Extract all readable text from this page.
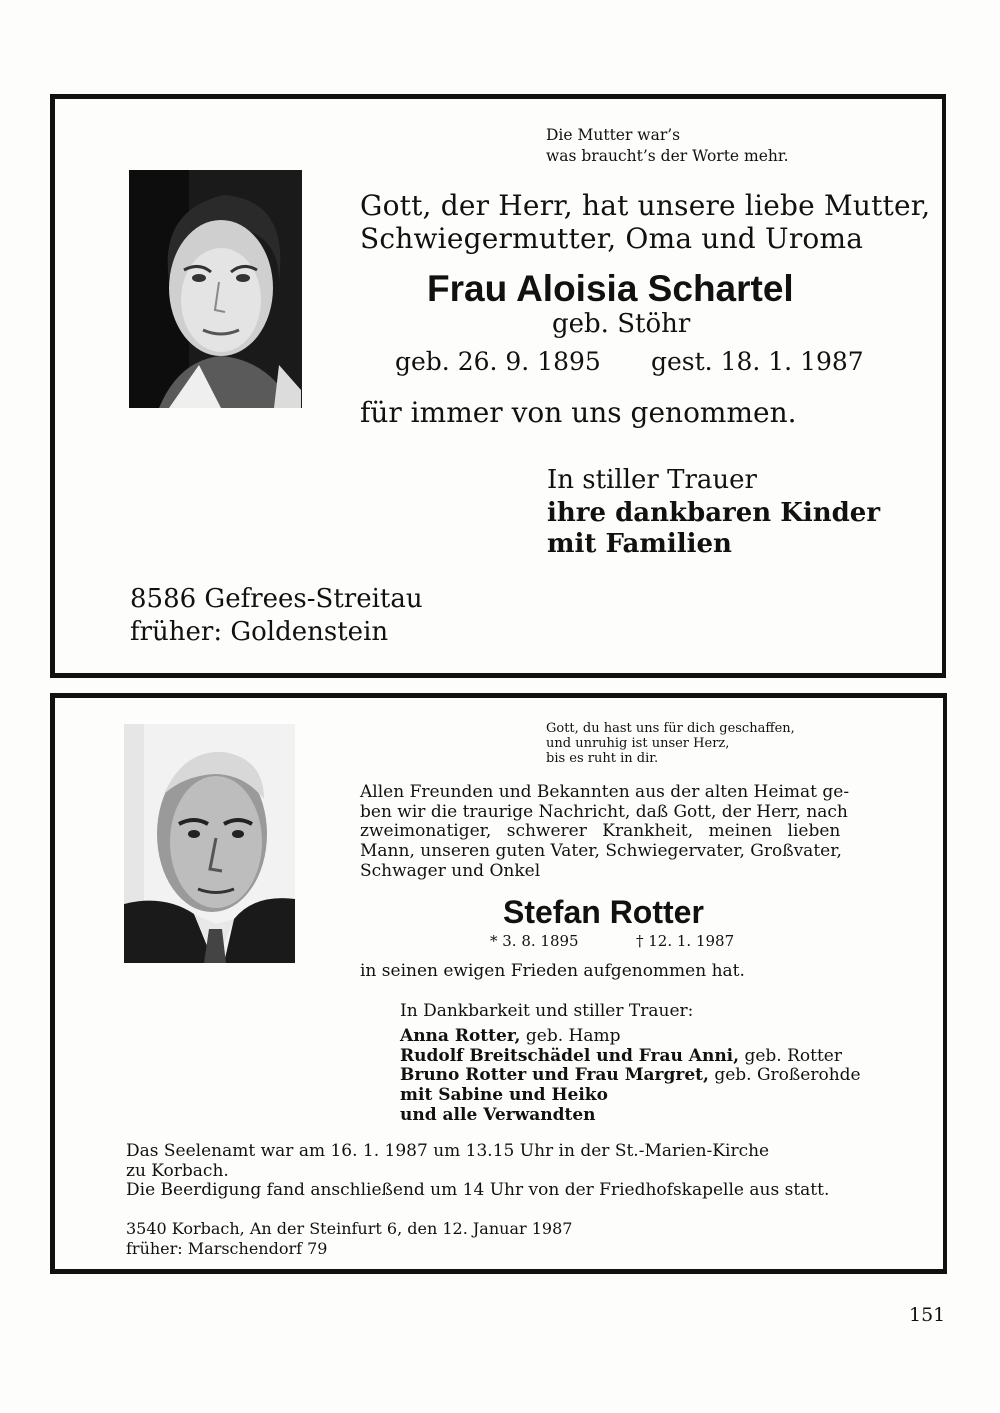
Die Mutter war’s
was braucht’s der Worte mehr.
Gott, der Herr, hat unsere liebe Mutter,
Schwiegermutter, Oma und Uroma
Frau Aloisia Schartel
geb. Stöhr
geb. 26. 9. 1895 gest. 18. 1. 1987
für immer von uns genommen.
In stiller Trauer
ihre dankbaren Kinder
mit Familien
8586 Gefrees-Streitau
früher: Goldenstein
Gott, du hast uns für dich geschaffen,
und unruhig ist unser Herz,
bis es ruht in dir.
Allen Freunden und Bekannten aus der alten Heimat ge-
ben wir die traurige Nachricht, daß Gott, der Herr, nach
zweimonatiger, schwerer Krankheit, meinen lieben
Mann, unseren guten Vater, Schwiegervater, Großvater,
Schwager und Onkel
Stefan Rotter
* 3. 8. 1895	† 12. 1. 1987
in seinen ewigen Frieden aufgenommen hat.
In Dankbarkeit und stiller Trauer:
Anna Rotter, geb. Hamp
Rudolf Breitschädel und Frau Anni, geb. Rotter
Bruno Rotter und Frau Margret, geb. Großerohde
mit Sabine und Heiko
und alle Verwandten
Das Seelenamt war am 16. 1. 1987 um 13.15 Uhr in der St.-Marien-Kirche
zu Korbach.
Die Beerdigung fand anschließend um 14 Uhr von der Friedhofskapelle aus statt.
3540 Korbach, An der Steinfurt 6, den 12. Januar 1987
früher: Marschendorf 79
151
